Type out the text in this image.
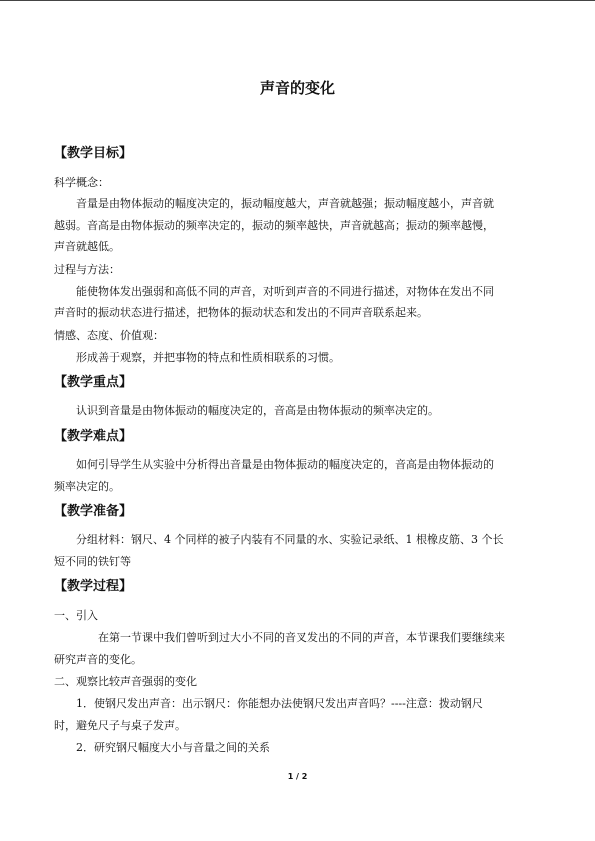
声音的变化
【教学目标】
科学概念：
音量是由物体振动的幅度决定的，振动幅度越大，声音就越强；振动幅度越小，声音就
越弱。音高是由物体振动的频率决定的，振动的频率越快，声音就越高；振动的频率越慢，
声音就越低。
过程与方法：
能使物体发出强弱和高低不同的声音，对听到声音的不同进行描述，对物体在发出不同
声音时的振动状态进行描述，把物体的振动状态和发出的不同声音联系起来。
情感、态度、价值观：
形成善于观察，并把事物的特点和性质相联系的习惯。
【教学重点】
认识到音量是由物体振动的幅度决定的，音高是由物体振动的频率决定的。
【教学难点】
如何引导学生从实验中分析得出音量是由物体振动的幅度决定的，音高是由物体振动的
频率决定的。
【教学准备】
分组材料：钢尺、4 个同样的被子内装有不同量的水、实验记录纸、1 根橡皮筋、3 个长
短不同的铁钉等
【教学过程】
一、引入
在第一节课中我们曾听到过大小不同的音叉发出的不同的声音，本节课我们要继续来
研究声音的变化。
二、观察比较声音强弱的变化
1．使钢尺发出声音：出示钢尺：你能想办法使钢尺发出声音吗？----注意：拨动钢尺
时，避免尺子与桌子发声。
2．研究钢尺幅度大小与音量之间的关系
1 / 2
